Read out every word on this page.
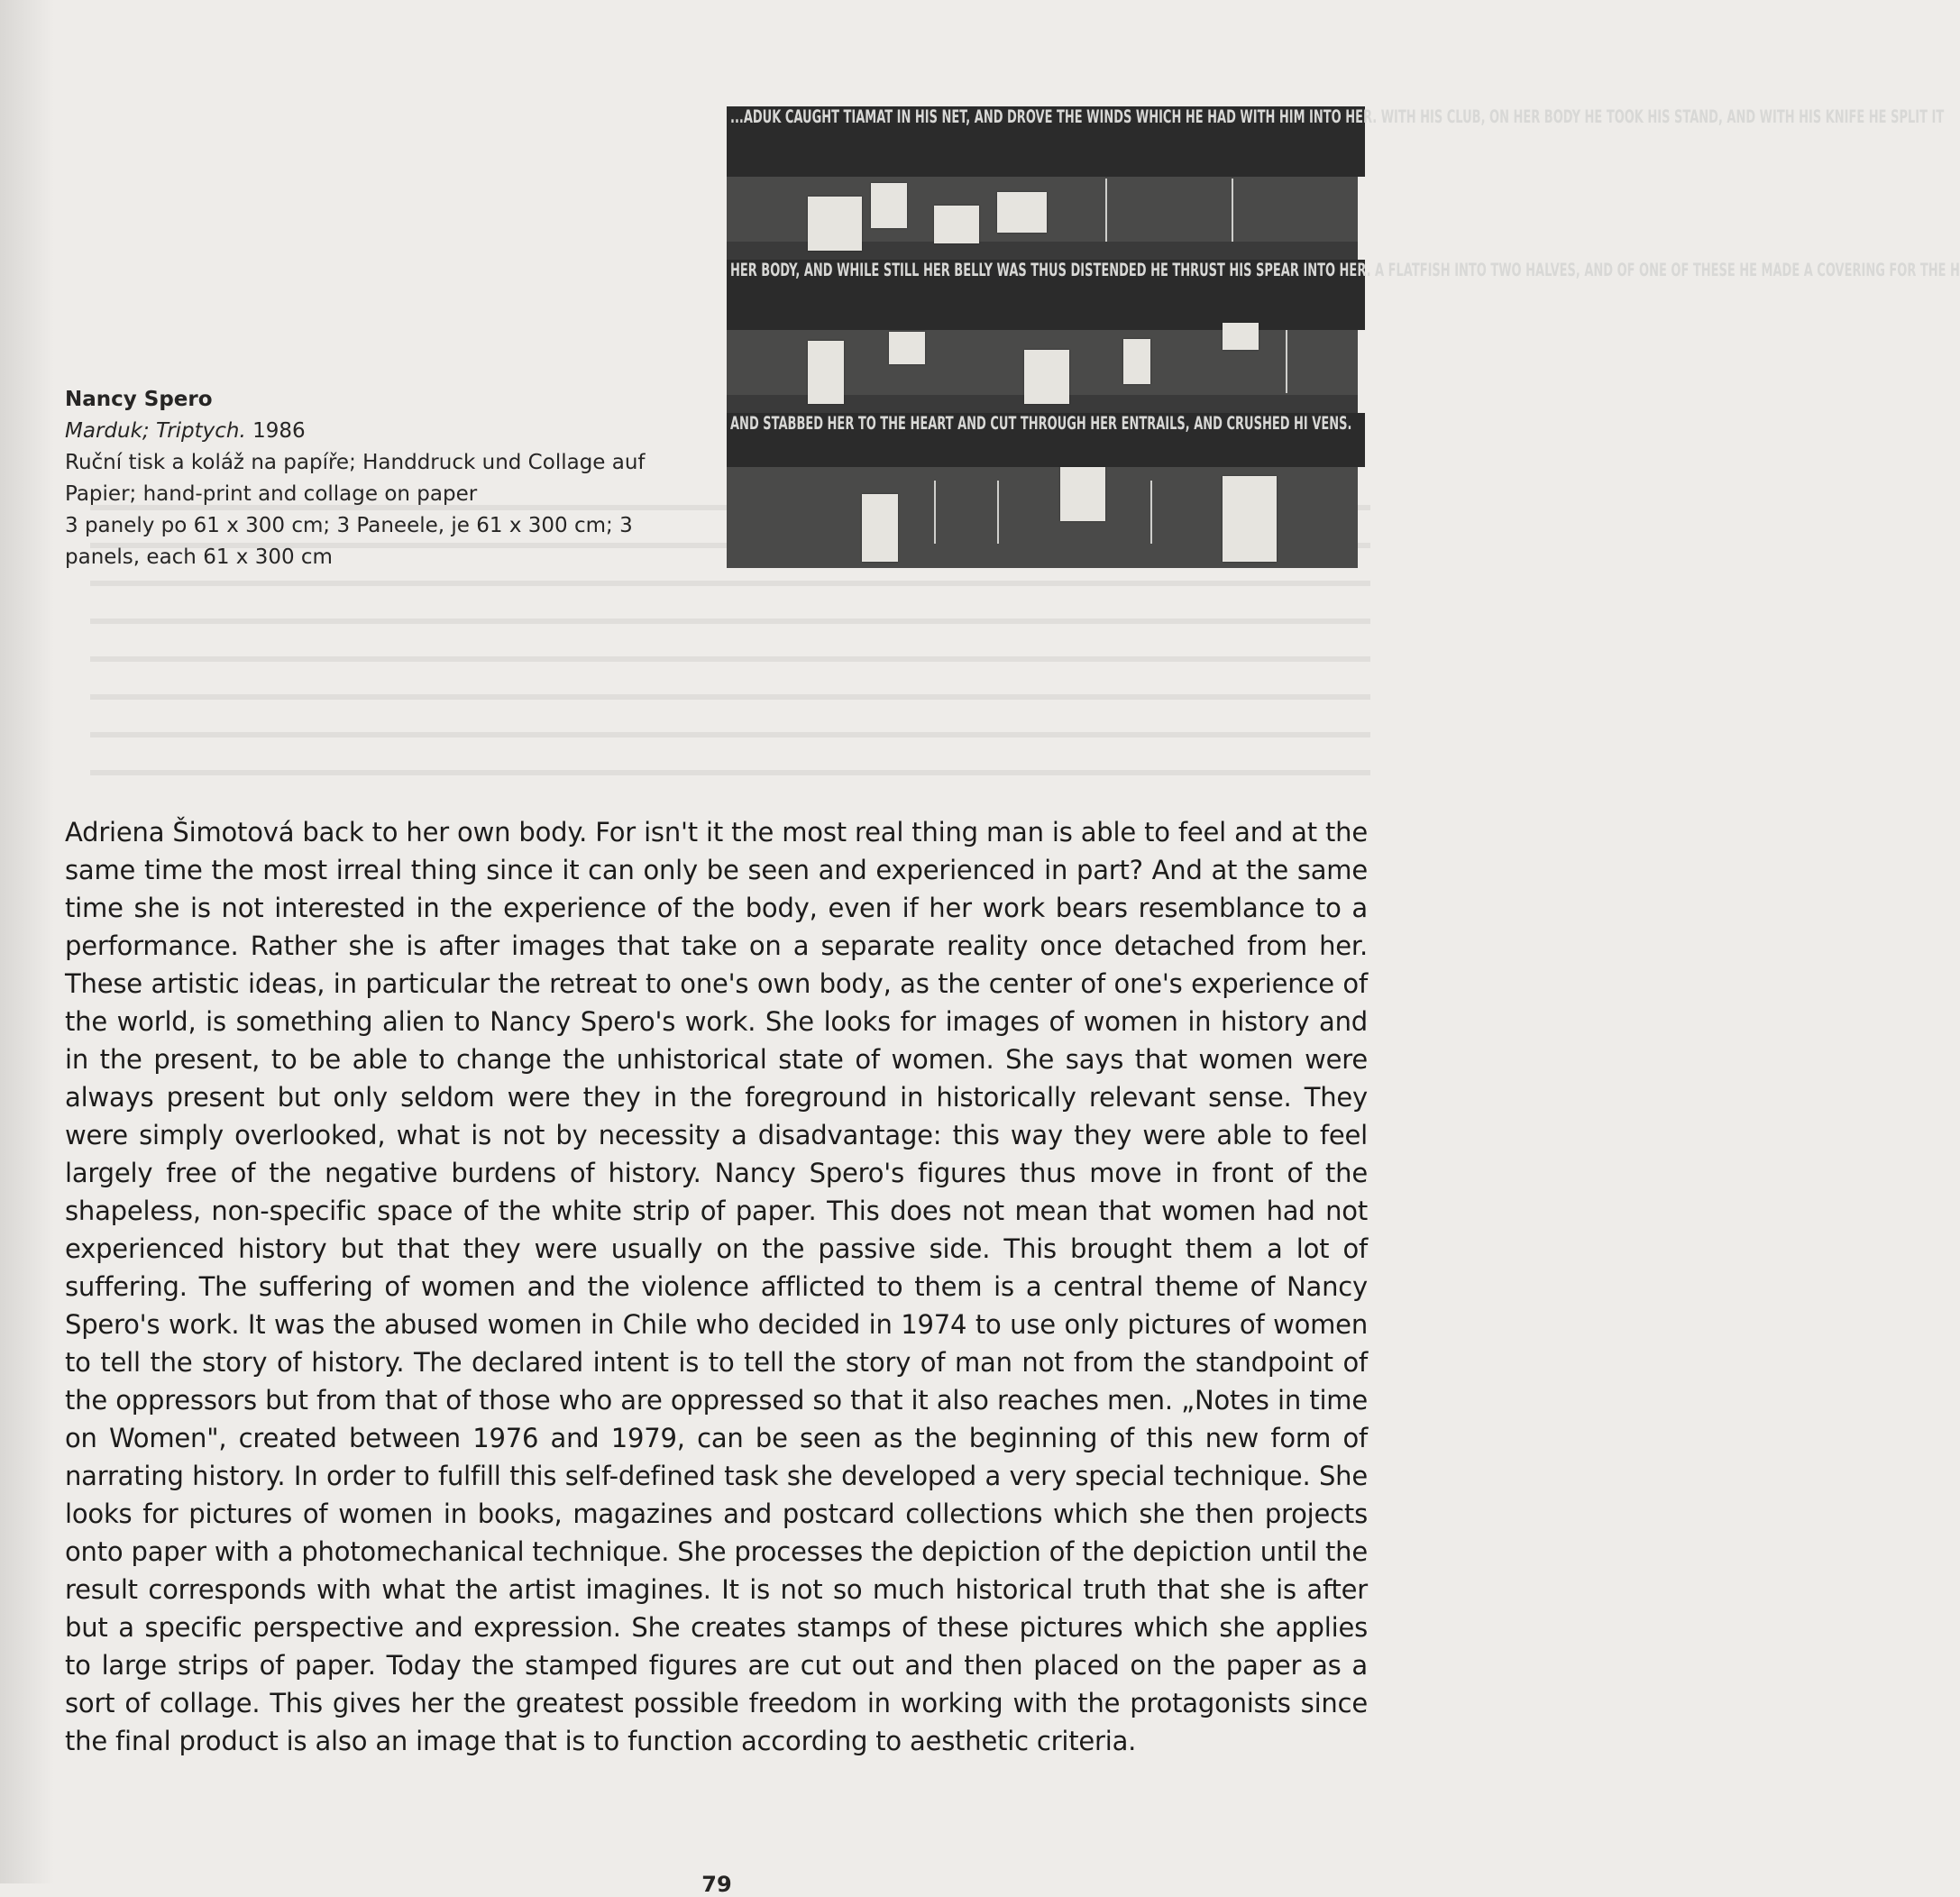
...ADUK CAUGHT TIAMAT IN HIS NET, AND DROVE THE WINDS WHICH HE HAD WITH HIM INTO HER. WITH HIS CLUB, ON HER BODY HE TOOK HIS STAND, AND WITH HIS KNIFE HE SPLIT IT
HER BODY, AND WHILE STILL HER BELLY WAS THUS DISTENDED HE THRUST HIS SPEAR INTO HER. A FLATFISH INTO TWO HALVES, AND OF ONE OF THESE HE MADE A COVERING FOR THE H
AND STABBED HER TO THE HEART AND CUT THROUGH HER ENTRAILS, AND CRUSHED HI VENS.
Nancy Spero
Marduk; Triptych. 1986
Ruční tisk a koláž na papíře; Handdruck und Collage auf Papier; hand-print and collage on paper
3 panely po 61 x 300 cm; 3 Paneele, je 61 x 300 cm; 3 panels, each 61 x 300 cm

Adriena Šimotová back to her own body. For isn't it the most real thing man is able to feel and at the same time the most irreal thing since it can only be seen and experienced in part? And at the same time she is not interested in the experience of the body, even if her work bears resemblance to a performance. Rather she is after images that take on a separate reality once detached from her. These artistic ideas, in particular the retreat to one's own body, as the center of one's experience of the world, is something alien to Nancy Spero's work. She looks for images of women in history and in the present, to be able to change the unhistorical state of women. She says that women were always present but only seldom were they in the foreground in historically relevant sense. They were simply overlooked, what is not by necessity a disadvantage: this way they were able to feel largely free of the negative burdens of history. Nancy Spero's figures thus move in front of the shapeless, non-specific space of the white strip of paper. This does not mean that women had not experienced history but that they were usually on the passive side. This brought them a lot of suffering. The suffering of women and the violence afflicted to them is a central theme of Nancy Spero's work. It was the abused women in Chile who decided in 1974 to use only pictures of women to tell the story of history. The declared intent is to tell the story of man not from the standpoint of the oppressors but from that of those who are oppressed so that it also reaches men. „Notes in time on Women", created between 1976 and 1979, can be seen as the beginning of this new form of narrating history. In order to fulfill this self-defined task she developed a very special technique. She looks for pictures of women in books, magazines and postcard collections which she then projects onto paper with a photomechanical technique. She processes the depiction of the depiction until the result corresponds with what the artist imagines. It is not so much historical truth that she is after but a specific perspective and expression. She creates stamps of these pictures which she applies to large strips of paper. Today the stamped figures are cut out and then placed on the paper as a sort of collage. This gives her the greatest possible freedom in working with the protagonists since the final product is also an image that is to function according to aesthetic criteria.

79
